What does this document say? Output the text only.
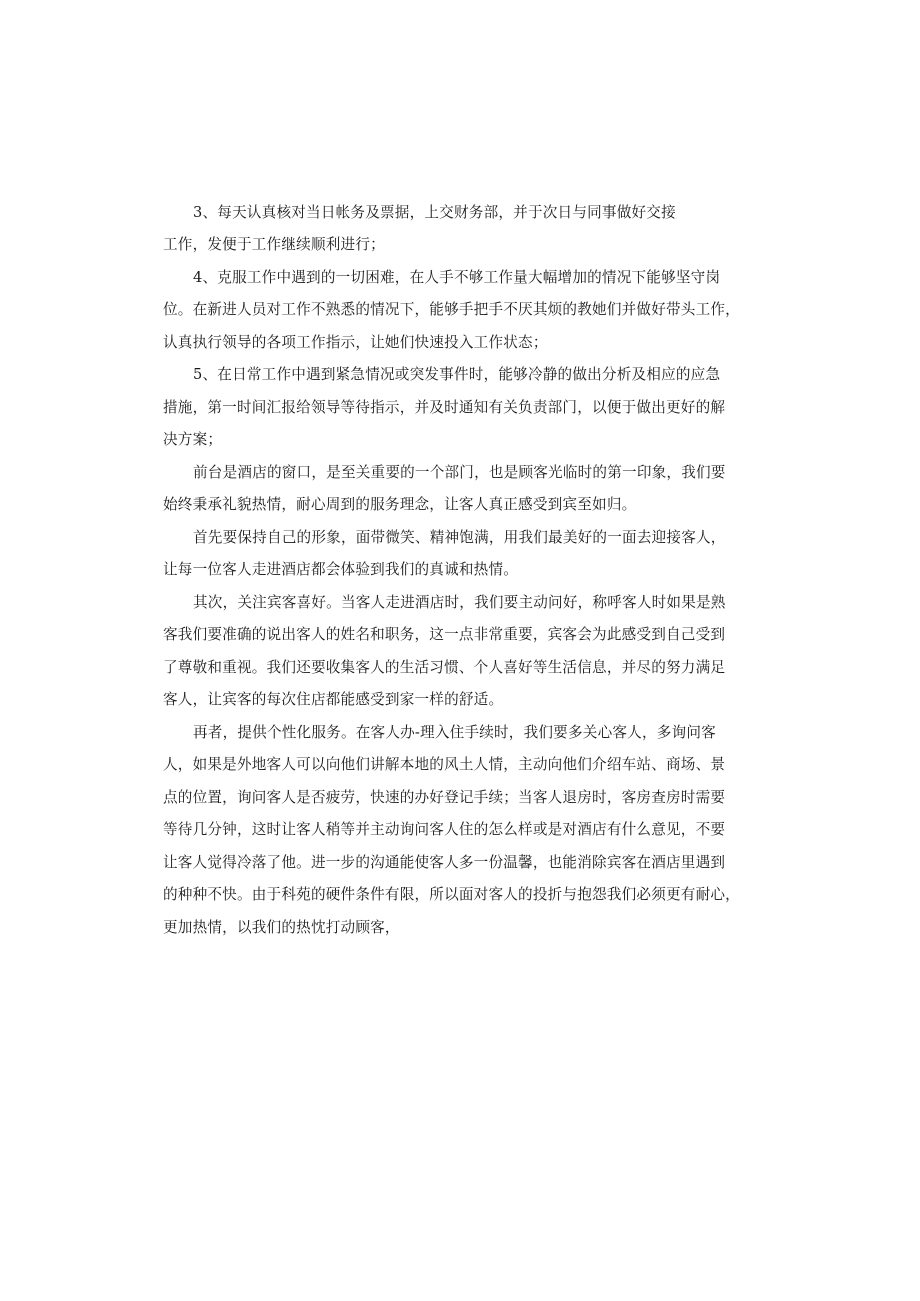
3、每天认真核对当日帐务及票据，上交财务部，并于次日与同事做好交接
工作，发便于工作继续顺利进行；
4、克服工作中遇到的一切困难，在人手不够工作量大幅增加的情况下能够坚守岗
位。在新进人员对工作不熟悉的情况下，能够手把手不厌其烦的教她们并做好带头工作，
认真执行领导的各项工作指示，让她们快速投入工作状态；
5、在日常工作中遇到紧急情况或突发事件时，能够冷静的做出分析及相应的应急
措施，第一时间汇报给领导等待指示，并及时通知有关负责部门，以便于做出更好的解
决方案；
前台是酒店的窗口，是至关重要的一个部门，也是顾客光临时的第一印象，我们要
始终秉承礼貌热情，耐心周到的服务理念，让客人真正感受到宾至如归。
首先要保持自己的形象，面带微笑、精神饱满，用我们最美好的一面去迎接客人，
让每一位客人走进酒店都会体验到我们的真诚和热情。
其次，关注宾客喜好。当客人走进酒店时，我们要主动问好，称呼客人时如果是熟
客我们要准确的说出客人的姓名和职务，这一点非常重要，宾客会为此感受到自己受到
了尊敬和重视。我们还要收集客人的生活习惯、个人喜好等生活信息，并尽的努力满足
客人，让宾客的每次住店都能感受到家一样的舒适。
再者，提供个性化服务。在客人办-理入住手续时，我们要多关心客人，多询问客
人，如果是外地客人可以向他们讲解本地的风土人情，主动向他们介绍车站、商场、景
点的位置，询问客人是否疲劳，快速的办好登记手续；当客人退房时，客房查房时需要
等待几分钟，这时让客人稍等并主动询问客人住的怎么样或是对酒店有什么意见，不要
让客人觉得冷落了他。进一步的沟通能使客人多一份温馨，也能消除宾客在酒店里遇到
的种种不快。由于科苑的硬件条件有限，所以面对客人的投折与抱怨我们必须更有耐心，
更加热情，以我们的热忱打动顾客，
